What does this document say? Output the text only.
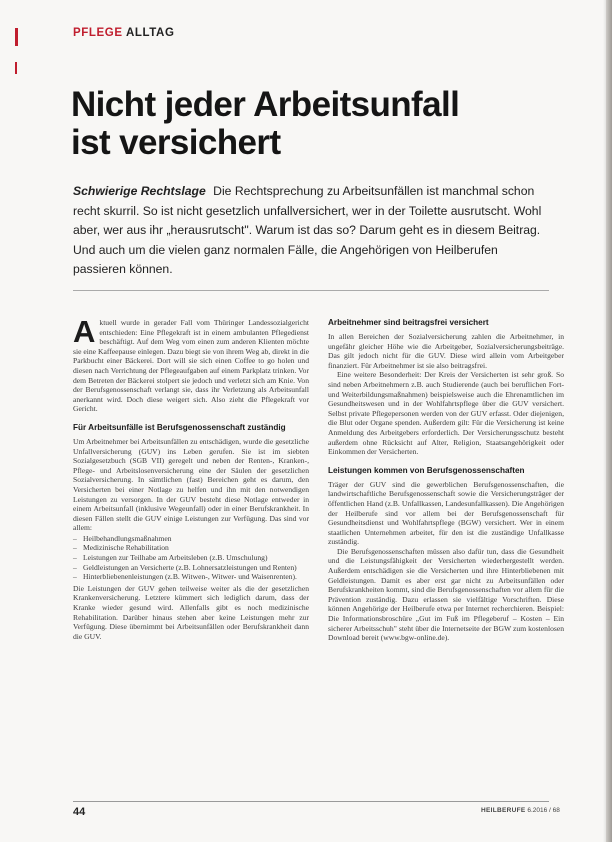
PFLEGE ALLTAG
Nicht jeder Arbeitsunfall
ist versichert

Schwierige Rechtslage Die Rechtsprechung zu Arbeitsunfällen ist manchmal schon recht skurril. So ist nicht gesetzlich unfallversichert, wer in der Toilette ausrutscht. Wohl aber, wer aus ihr „herausrutscht". Warum ist das so? Darum geht es in diesem Beitrag. Und auch um die vielen ganz normalen Fälle, die Angehörigen von Heilberufen passieren können.

A ktuell wurde in gerader Fall vom Thüringer Landessozialgericht entschieden: Eine Pflegekraft ist in einem ambulanten Pflegedienst beschäftigt. Auf dem Weg vom einen zum anderen Klienten möchte sie eine Kaffeepause einlegen. Dazu biegt sie von ihrem Weg ab, direkt in die Parkbucht einer Bäckerei. Dort will sie sich einen Coffee to go holen und diesen nach Verrichtung der Pflegeaufgaben auf einem Parkplatz trinken. Vor dem Betreten der Bäckerei stolpert sie jedoch und verletzt sich am Knie. Von der Berufsgenossenschaft verlangt sie, dass ihr Verletzung als Arbeitsunfall anerkannt wird. Doch diese weigert sich. Also zieht die Pflegekraft vor Gericht.

Für Arbeitsunfälle ist Berufsgenossenschaft zuständig

Um Arbeitnehmer bei Arbeitsunfällen zu entschädigen, wurde die gesetzliche Unfallversicherung (GUV) ins Leben gerufen. Sie ist im siebten Sozialgesetzbuch (SGB VII) geregelt und neben der Renten-, Kranken-, Pflege- und Arbeitslosenversicherung eine der Säulen der gesetzlichen Sozialversicherung. In sämtlichen (fast) Bereichen geht es darum, den Versicherten bei einer Notlage zu helfen und ihn mit den notwendigen Leistungen zu versorgen. In der GUV besteht diese Notlage entweder in einem Arbeitsunfall (inklusive Wegeunfall) oder in einer Berufskrankheit. In diesen Fällen stellt die GUV einige Leistungen zur Verfügung. Das sind vor allem:

– Heilbehandlungsmaßnahmen
– Medizinische Rehabilitation
– Leistungen zur Teilhabe am Arbeitsleben (z.B. Umschulung)
– Geldleistungen an Versicherte (z.B. Lohnersatzleistungen und Renten)
– Hinterbliebenenleistungen (z.B. Witwen-, Witwer- und Waisenrenten).

Die Leistungen der GUV gehen teilweise weiter als die der gesetzlichen Krankenversicherung. Letztere kümmert sich lediglich darum, dass der Kranke wieder gesund wird. Allenfalls gibt es noch medizinische Rehabilitation. Darüber hinaus stehen aber keine Leistungen mehr zur Verfügung. Diese übernimmt bei Arbeitsunfällen oder Berufskrankheit dann die GUV.

Arbeitnehmer sind beitragsfrei versichert

In allen Bereichen der Sozialversicherung zahlen die Arbeitnehmer, in ungefähr gleicher Höhe wie die Arbeitgeber, Sozialversicherungsbeiträge. Das gilt jedoch nicht für die GUV. Diese wird allein vom Arbeitgeber finanziert. Für Arbeitnehmer ist sie also beitragsfrei.

Eine weitere Besonderheit: Der Kreis der Versicherten ist sehr groß. So sind neben Arbeitnehmern z.B. auch Studierende (auch bei beruflichen Fort- und Weiterbildungsmaßnahmen) beispielsweise auch die Ehrenamtlichen im Gesundheitswesen und in der Wohlfahrtspflege über die GUV versichert. Selbst private Pflegepersonen werden von der GUV erfasst. Oder diejenigen, die Blut oder Organe spenden. Außerdem gilt: Für die Versicherung ist keine Anmeldung des Arbeitgebers erforderlich. Der Versicherungsschutz besteht außerdem ohne Rücksicht auf Alter, Religion, Staatsangehörigkeit oder Einkommen der Versicherten.

Leistungen kommen von Berufsgenossenschaften

Träger der GUV sind die gewerblichen Berufsgenossenschaften, die landwirtschaftliche Berufsgenossenschaft sowie die Versicherungsträger der öffentlichen Hand (z.B. Unfallkassen, Landesunfallkassen). Die Angehörigen der Heilberufe sind vor allem bei der Berufsgenossenschaft für Gesundheitsdienst und Wohlfahrtspflege (BGW) versichert. Wer in einem staatlichen Unternehmen arbeitet, für den ist die zuständige Unfallkasse zuständig.

Die Berufsgenossenschaften müssen also dafür tun, dass die Gesundheit und die Leistungsfähigkeit der Versicherten wiederhergestellt werden. Außerdem entschädigen sie die Versicherten und ihre Hinterbliebenen mit Geldleistungen. Damit es aber erst gar nicht zu Arbeitsunfällen oder Berufskrankheiten kommt, sind die Berufsgenossenschaften vor allem für die Prävention zuständig. Dazu erlassen sie vielfältige Vorschriften. Diese können Angehörige der Heilberufe etwa per Internet recherchieren. Beispiel: Die Informationsbroschüre „Gut im Fuß im Pflegeberuf – Kosten – Ein sicherer Arbeitsschuh" steht über die Internetseite der BGW zum kostenlosen Download bereit (www.bgw-online.de).

44	HEILBERUFE 6.2016 / 68
